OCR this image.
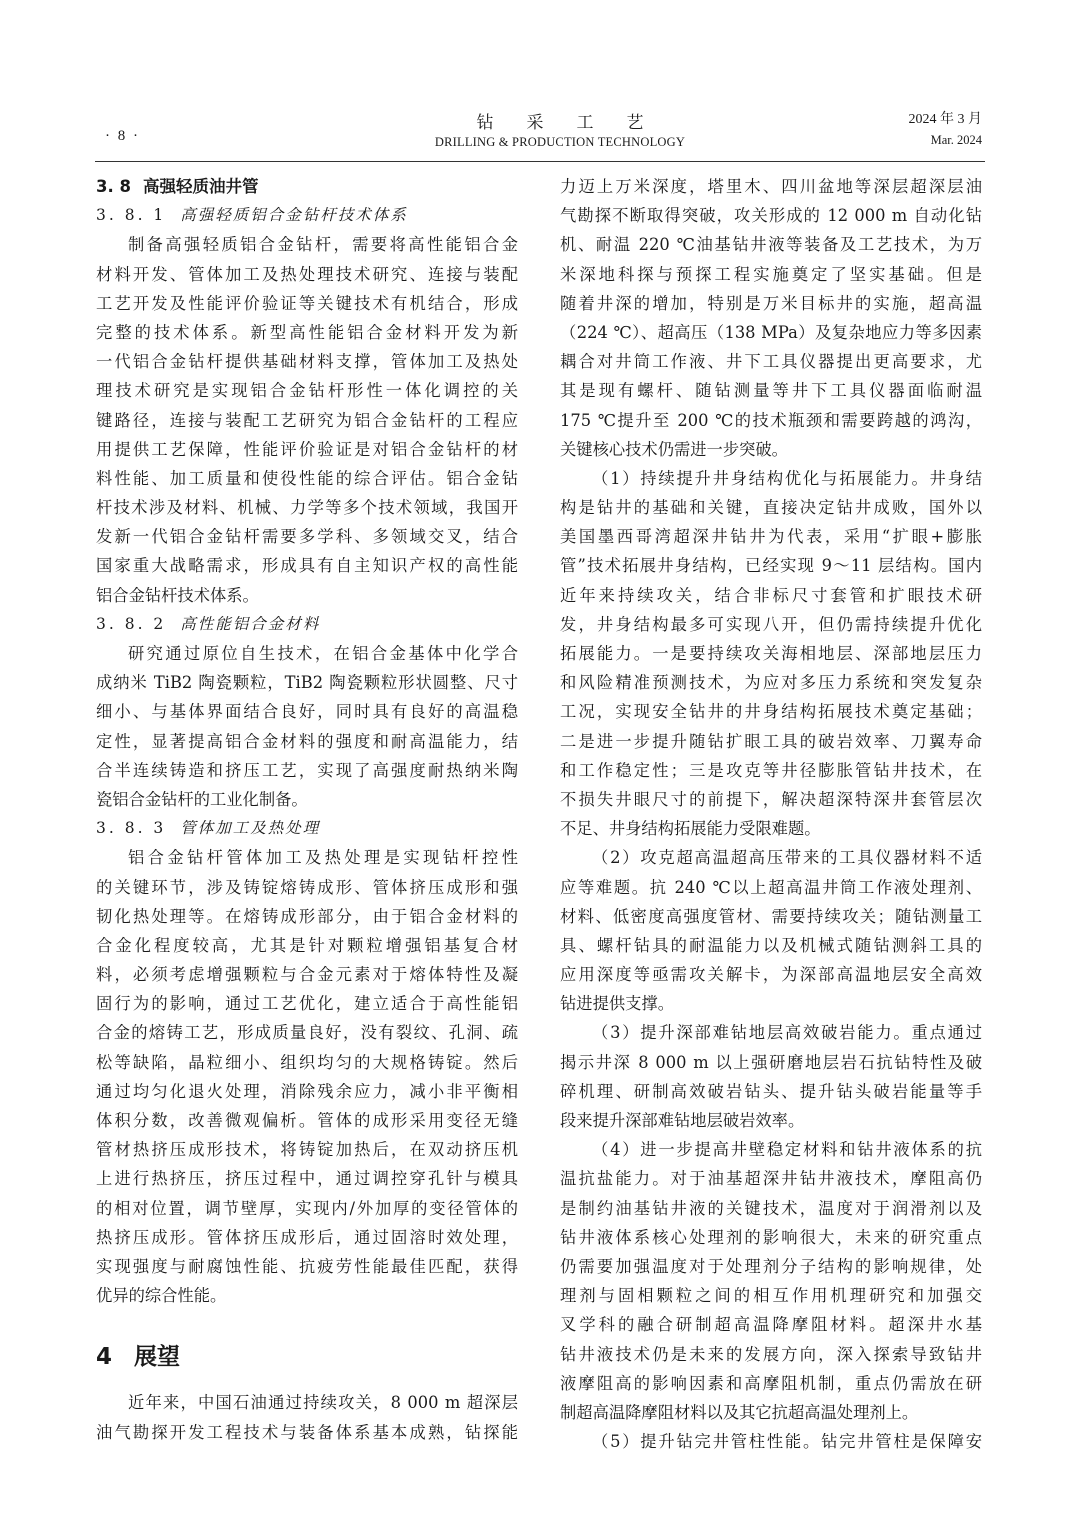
· 8 ·
钻采工艺
DRILLING & PRODUCTION TECHNOLOGY
2024 年 3 月
Mar. 2024
3. 8 高强轻质油井管
3. 8. 1 高强轻质铝合金钻杆技术体系
制备高强轻质铝合金钻杆，需要将高性能铝合金
材料开发、管体加工及热处理技术研究、连接与装配
工艺开发及性能评价验证等关键技术有机结合，形成
完整的技术体系。新型高性能铝合金材料开发为新
一代铝合金钻杆提供基础材料支撑，管体加工及热处
理技术研究是实现铝合金钻杆形性一体化调控的关
键路径，连接与装配工艺研究为铝合金钻杆的工程应
用提供工艺保障，性能评价验证是对铝合金钻杆的材
料性能、加工质量和使役性能的综合评估。铝合金钻
杆技术涉及材料、机械、力学等多个技术领域，我国开
发新一代铝合金钻杆需要多学科、多领域交叉，结合
国家重大战略需求，形成具有自主知识产权的高性能
铝合金钻杆技术体系。
3. 8. 2 高性能铝合金材料
研究通过原位自生技术，在铝合金基体中化学合
成纳米 TiB2 陶瓷颗粒，TiB2 陶瓷颗粒形状圆整、尺寸
细小、与基体界面结合良好，同时具有良好的高温稳
定性，显著提高铝合金材料的强度和耐高温能力，结
合半连续铸造和挤压工艺，实现了高强度耐热纳米陶
瓷铝合金钻杆的工业化制备。
3. 8. 3 管体加工及热处理
铝合金钻杆管体加工及热处理是实现钻杆控性
的关键环节，涉及铸锭熔铸成形、管体挤压成形和强
韧化热处理等。在熔铸成形部分，由于铝合金材料的
合金化程度较高，尤其是针对颗粒增强铝基复合材
料，必须考虑增强颗粒与合金元素对于熔体特性及凝
固行为的影响，通过工艺优化，建立适合于高性能铝
合金的熔铸工艺，形成质量良好，没有裂纹、孔洞、疏
松等缺陷，晶粒细小、组织均匀的大规格铸锭。然后
通过均匀化退火处理，消除残余应力，减小非平衡相
体积分数，改善微观偏析。管体的成形采用变径无缝
管材热挤压成形技术，将铸锭加热后，在双动挤压机
上进行热挤压，挤压过程中，通过调控穿孔针与模具
的相对位置，调节壁厚，实现内/外加厚的变径管体的
热挤压成形。管体挤压成形后，通过固溶时效处理，
实现强度与耐腐蚀性能、抗疲劳性能最佳匹配，获得
优异的综合性能。
4 展望
近年来，中国石油通过持续攻关，8 000 m 超深层
油气勘探开发工程技术与装备体系基本成熟，钻探能
力迈上万米深度，塔里木、四川盆地等深层超深层油
气勘探不断取得突破，攻关形成的 12 000 m 自动化钻
机、耐温 220 ℃油基钻井液等装备及工艺技术，为万
米深地科探与预探工程实施奠定了坚实基础。但是
随着井深的增加，特别是万米目标井的实施，超高温
（224 ℃）、超高压（138 MPa）及复杂地应力等多因素
耦合对井筒工作液、井下工具仪器提出更高要求，尤
其是现有螺杆、随钻测量等井下工具仪器面临耐温
175 ℃提升至 200 ℃的技术瓶颈和需要跨越的鸿沟，
关键核心技术仍需进一步突破。
（1）持续提升井身结构优化与拓展能力。井身结
构是钻井的基础和关键，直接决定钻井成败，国外以
美国墨西哥湾超深井钻井为代表，采用“扩眼+膨胀
管”技术拓展井身结构，已经实现 9～11 层结构。国内
近年来持续攻关，结合非标尺寸套管和扩眼技术研
发，井身结构最多可实现八开，但仍需持续提升优化
拓展能力。一是要持续攻关海相地层、深部地层压力
和风险精准预测技术，为应对多压力系统和突发复杂
工况，实现安全钻井的井身结构拓展技术奠定基础；
二是进一步提升随钻扩眼工具的破岩效率、刀翼寿命
和工作稳定性；三是攻克等井径膨胀管钻井技术，在
不损失井眼尺寸的前提下，解决超深特深井套管层次
不足、井身结构拓展能力受限难题。
（2）攻克超高温超高压带来的工具仪器材料不适
应等难题。抗 240 ℃以上超高温井筒工作液处理剂、
材料、低密度高强度管材、需要持续攻关；随钻测量工
具、螺杆钻具的耐温能力以及机械式随钻测斜工具的
应用深度等亟需攻关解卡，为深部高温地层安全高效
钻进提供支撑。
（3）提升深部难钻地层高效破岩能力。重点通过
揭示井深 8 000 m 以上强研磨地层岩石抗钻特性及破
碎机理、研制高效破岩钻头、提升钻头破岩能量等手
段来提升深部难钻地层破岩效率。
（4）进一步提高井壁稳定材料和钻井液体系的抗
温抗盐能力。对于油基超深井钻井液技术，摩阻高仍
是制约油基钻井液的关键技术，温度对于润滑剂以及
钻井液体系核心处理剂的影响很大，未来的研究重点
仍需要加强温度对于处理剂分子结构的影响规律，处
理剂与固相颗粒之间的相互作用机理研究和加强交
叉学科的融合研制超高温降摩阻材料。超深井水基
钻井液技术仍是未来的发展方向，深入探索导致钻井
液摩阻高的影响因素和高摩阻机制，重点仍需放在研
制超高温降摩阻材料以及其它抗超高温处理剂上。
（5）提升钻完井管柱性能。钻完井管柱是保障安
